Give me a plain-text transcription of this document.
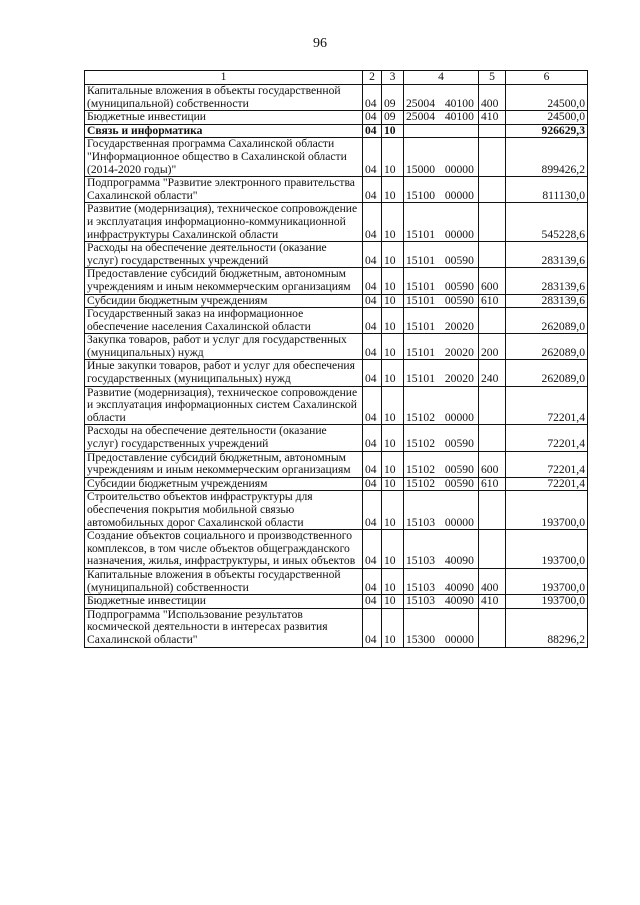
96
1	2	3	4	5	6
Капитальные вложения в объекты государственной (муниципальной) собственности	04	09	25004 40100	400	24500,0
Бюджетные инвестиции	04	09	25004 40100	410	24500,0
Связь и информатика	04	10			926629,3
Государственная программа Сахалинской области "Информационное общество в Сахалинской области (2014-2020 годы)"	04	10	15000 00000		899426,2
Подпрограмма "Развитие электронного правительства Сахалинской области"	04	10	15100 00000		811130,0
Развитие (модернизация), техническое сопровождение и эксплуатация информационно-коммуникационной инфраструктуры Сахалинской области	04	10	15101 00000		545228,6
Расходы на обеспечение деятельности (оказание услуг) государственных учреждений	04	10	15101 00590		283139,6
Предоставление субсидий бюджетным, автономным учреждениям и иным некоммерческим организациям	04	10	15101 00590	600	283139,6
Субсидии бюджетным учреждениям	04	10	15101 00590	610	283139,6
Государственный заказ на информационное обеспечение населения Сахалинской области	04	10	15101 20020		262089,0
Закупка товаров, работ и услуг для государственных (муниципальных) нужд	04	10	15101 20020	200	262089,0
Иные закупки товаров, работ и услуг для обеспечения государственных (муниципальных) нужд	04	10	15101 20020	240	262089,0
Развитие (модернизация), техническое сопровождение и эксплуатация информационных систем Сахалинской области	04	10	15102 00000		72201,4
Расходы на обеспечение деятельности (оказание услуг) государственных учреждений	04	10	15102 00590		72201,4
Предоставление субсидий бюджетным, автономным учреждениям и иным некоммерческим организациям	04	10	15102 00590	600	72201,4
Субсидии бюджетным учреждениям	04	10	15102 00590	610	72201,4
Строительство объектов инфраструктуры для обеспечения покрытия мобильной связью автомобильных дорог Сахалинской области	04	10	15103 00000		193700,0
Создание объектов социального и производственного комплексов, в том числе объектов общегражданского назначения, жилья, инфраструктуры, и иных объектов	04	10	15103 40090		193700,0
Капитальные вложения в объекты государственной (муниципальной) собственности	04	10	15103 40090	400	193700,0
Бюджетные инвестиции	04	10	15103 40090	410	193700,0
Подпрограмма "Использование результатов космической деятельности в интересах развития Сахалинской области"	04	10	15300 00000		88296,2
